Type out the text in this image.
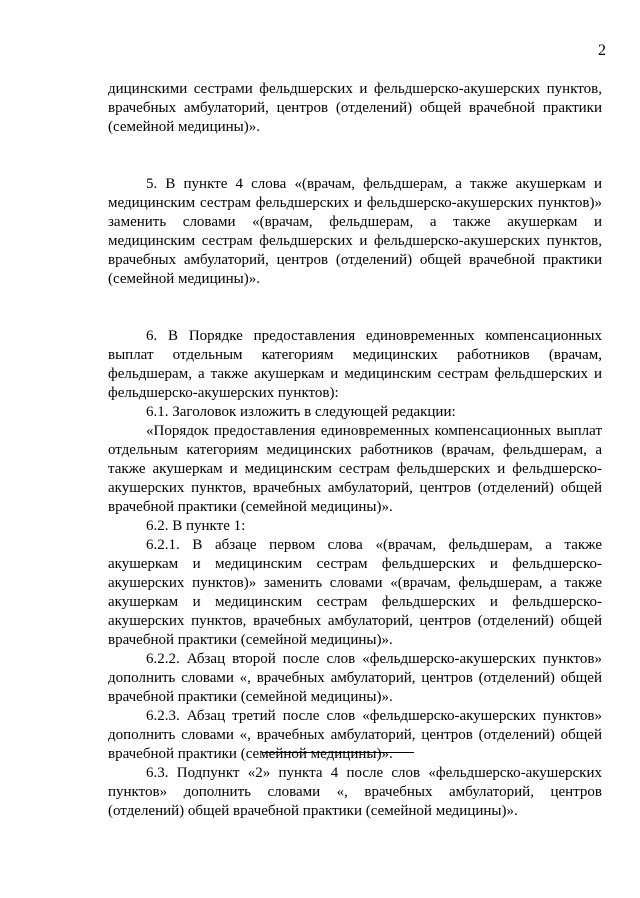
2

дицинскими сестрами фельдшерских и фельдшерско-акушерских пунктов, врачебных амбулаторий, центров (отделений) общей врачебной практики (семейной медицины)».

5. В пункте 4 слова «(врачам, фельдшерам, а также акушеркам и медицинским сестрам фельдшерских и фельдшерско-акушерских пунктов)» заменить словами «(врачам, фельдшерам, а также акушеркам и медицинским сестрам фельдшерских и фельдшерско-акушерских пунктов, врачебных амбулаторий, центров (отделений) общей врачебной практики (семейной медицины)».

6. В Порядке предоставления единовременных компенсационных выплат отдельным категориям медицинских работников (врачам, фельдшерам, а также акушеркам и медицинским сестрам фельдшерских и фельдшерско-акушерских пунктов):

6.1. Заголовок изложить в следующей редакции:

«Порядок предоставления единовременных компенсационных выплат отдельным категориям медицинских работников (врачам, фельдшерам, а также акушеркам и медицинским сестрам фельдшерских и фельдшерско-акушерских пунктов, врачебных амбулаторий, центров (отделений) общей врачебной практики (семейной медицины)».

6.2. В пункте 1:

6.2.1. В абзаце первом слова «(врачам, фельдшерам, а также акушеркам и медицинским сестрам фельдшерских и фельдшерско-акушерских пунктов)» заменить словами «(врачам, фельдшерам, а также акушеркам и медицинским сестрам фельдшерских и фельдшерско-акушерских пунктов, врачебных амбулаторий, центров (отделений) общей врачебной практики (семейной медицины)».

6.2.2. Абзац второй после слов «фельдшерско-акушерских пунктов» дополнить словами «, врачебных амбулаторий, центров (отделений) общей врачебной практики (семейной медицины)».

6.2.3. Абзац третий после слов «фельдшерско-акушерских пунктов» дополнить словами «, врачебных амбулаторий, центров (отделений) общей врачебной практики (семейной медицины)».

6.3. Подпункт «2» пункта 4 после слов «фельдшерско-акушерских пунктов» дополнить словами «, врачебных амбулаторий, центров (отделений) общей врачебной практики (семейной медицины)».
